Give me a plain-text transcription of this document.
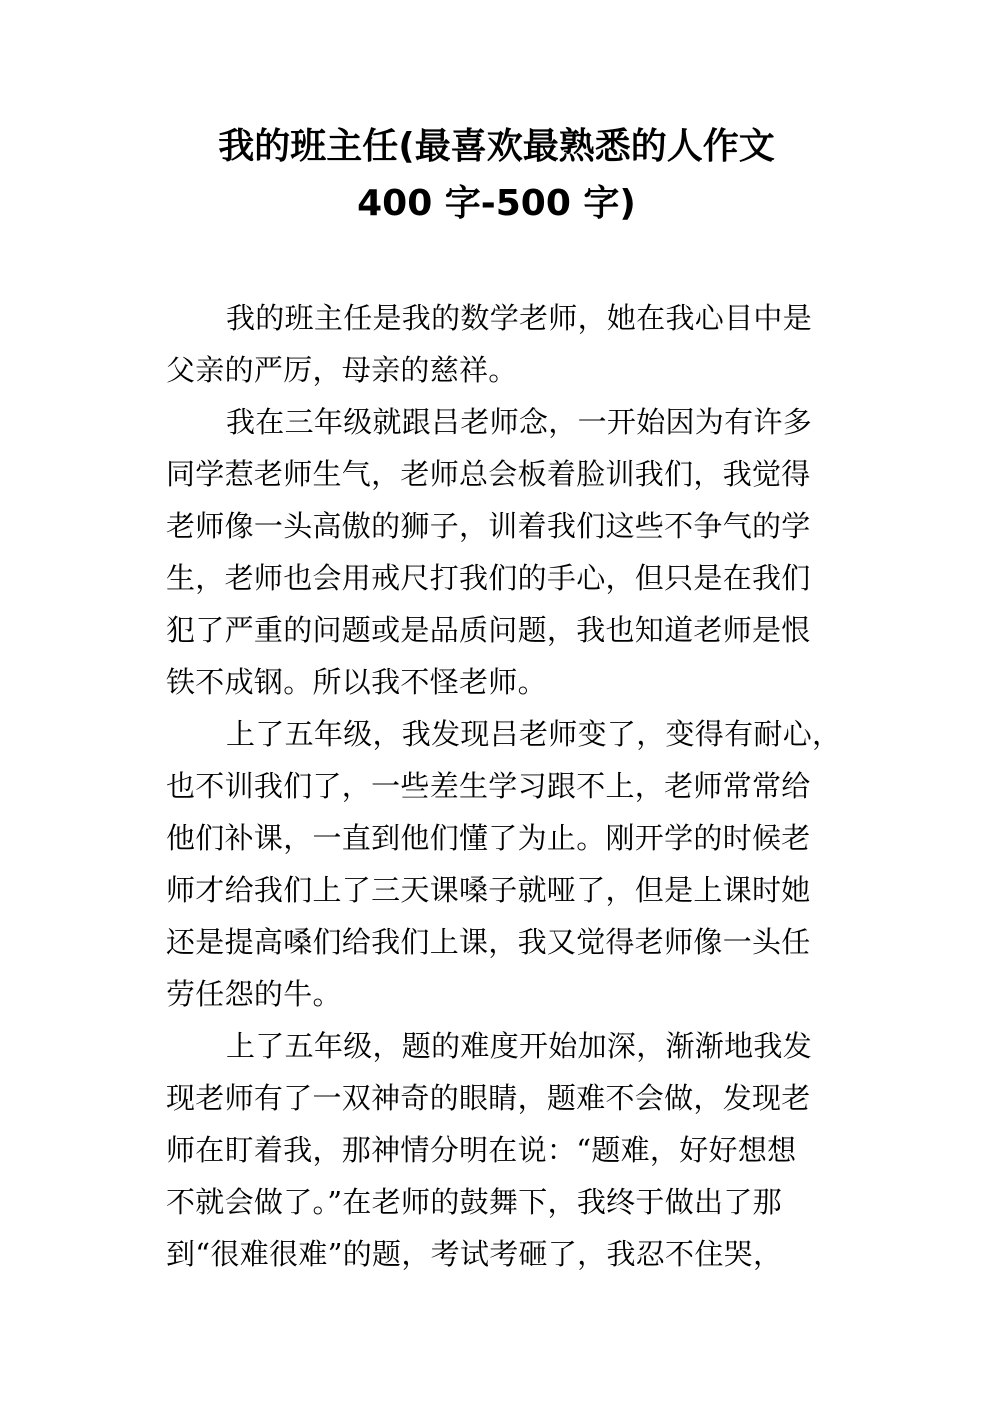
我的班主任(最喜欢最熟悉的人作文
400 字-500 字)
我的班主任是我的数学老师，她在我心目中是
父亲的严厉，母亲的慈祥。
我在三年级就跟吕老师念，一开始因为有许多
同学惹老师生气，老师总会板着脸训我们，我觉得
老师像一头高傲的狮子，训着我们这些不争气的学
生，老师也会用戒尺打我们的手心，但只是在我们
犯了严重的问题或是品质问题，我也知道老师是恨
铁不成钢。所以我不怪老师。
上了五年级，我发现吕老师变了，变得有耐心，
也不训我们了，一些差生学习跟不上，老师常常给
他们补课，一直到他们懂了为止。刚开学的时候老
师才给我们上了三天课嗓子就哑了，但是上课时她
还是提高嗓们给我们上课，我又觉得老师像一头任
劳任怨的牛。
上了五年级，题的难度开始加深，渐渐地我发
现老师有了一双神奇的眼睛，题难不会做，发现老
师在盯着我，那神情分明在说：“题难，好好想想
不就会做了。”在老师的鼓舞下，我终于做出了那
到“很难很难”的题，考试考砸了，我忍不住哭，
